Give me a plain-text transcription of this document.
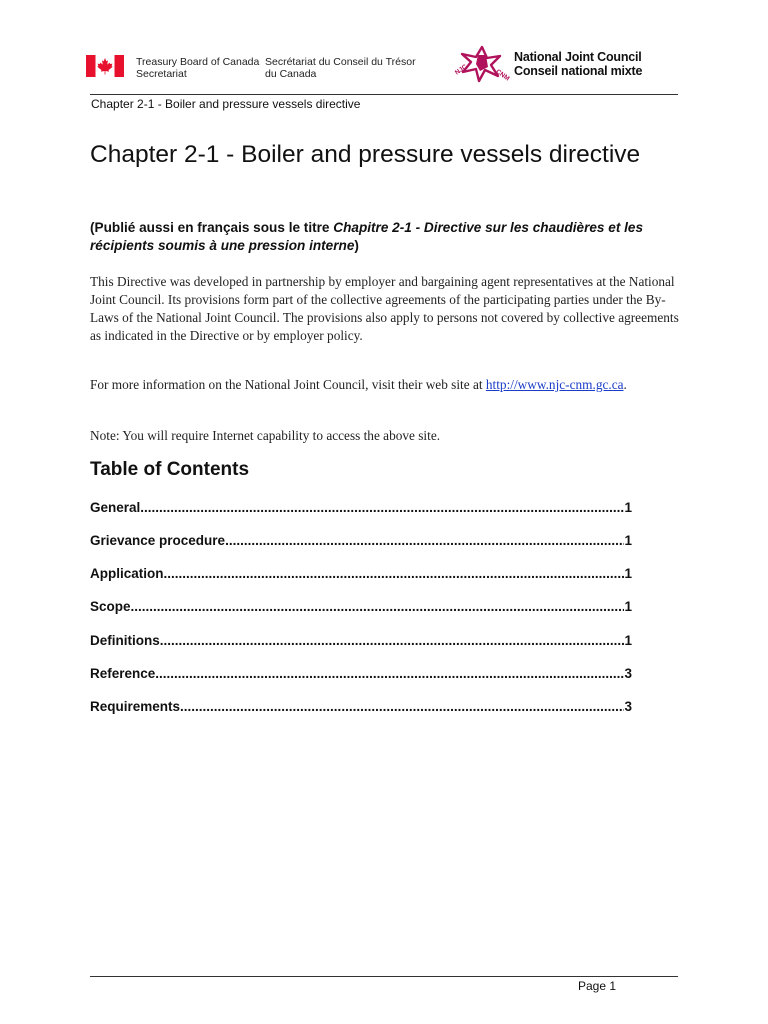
Treasury Board of Canada
Secretariat
Secrétariat du Conseil du Trésor
du Canada	NJC	CNM
National Joint Council
Conseil national mixte
Chapter 2-1 - Boiler and pressure vessels directive
Chapter 2-1 - Boiler and pressure vessels directive
(Publié aussi en français sous le titre Chapitre 2-1 - Directive sur les chaudières et les récipients soumis à une pression interne)
This Directive was developed in partnership by employer and bargaining agent representatives at the National Joint Council. Its provisions form part of the collective agreements of the participating parties under the By-Laws of the National Joint Council. The provisions also apply to persons not covered by collective agreements as indicated in the Directive or by employer policy.
For more information on the National Joint Council, visit their web site at http://www.njc-cnm.gc.ca.
Note: You will require Internet capability to access the above site.
Table of Contents
General .....	1
Grievance procedure .....	1
Application .....	1
Scope .....	1
Definitions .....	1
Reference .....	3
Requirements .....	3
Page 1
